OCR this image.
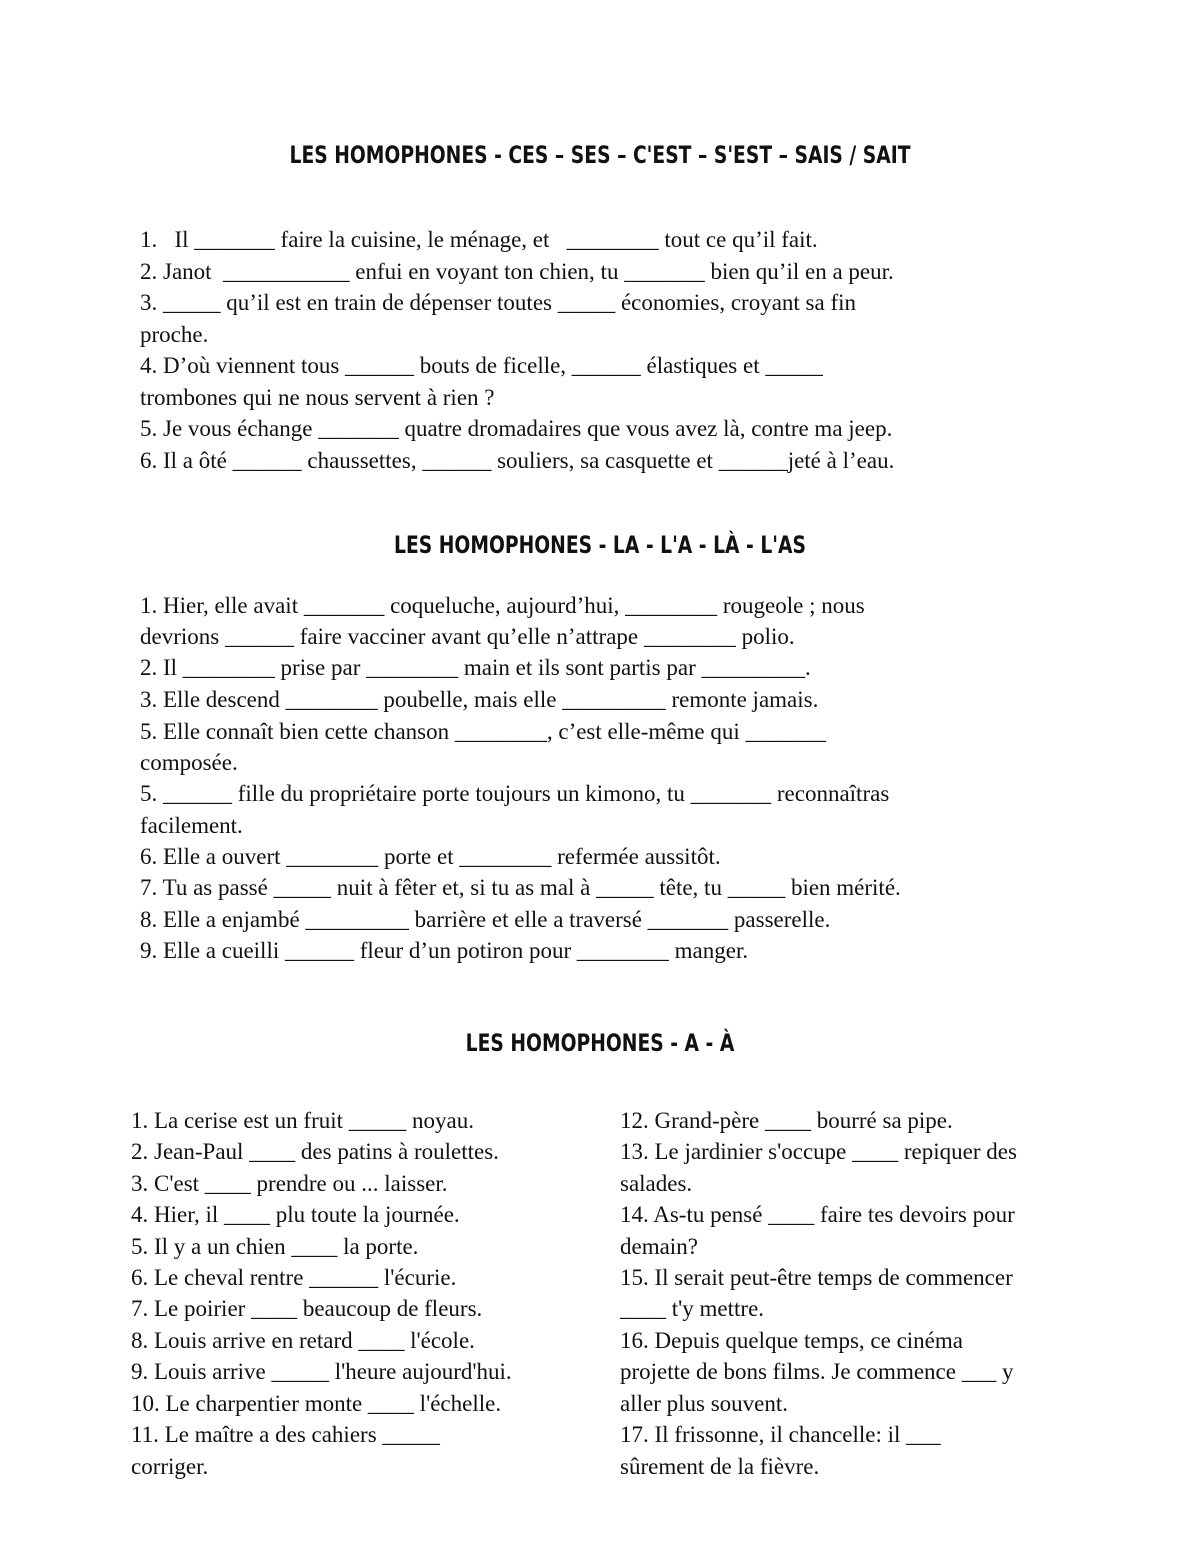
LES HOMOPHONES - CES – SES – C'EST – S'EST – SAIS / SAIT
1.   Il _______ faire la cuisine, le ménage, et   ________ tout ce qu’il fait.
2. Janot  ___________ enfui en voyant ton chien, tu _______ bien qu’il en a peur.
3. _____ qu’il est en train de dépenser toutes _____ économies, croyant sa fin
proche.
4. D’où viennent tous ______ bouts de ficelle, ______ élastiques et _____
trombones qui ne nous servent à rien ?
5. Je vous échange _______ quatre dromadaires que vous avez là, contre ma jeep.
6. Il a ôté ______ chaussettes, ______ souliers, sa casquette et ______jeté à l’eau.
LES HOMOPHONES - LA - L'A - LÀ - L'AS
1. Hier, elle avait _______ coqueluche, aujourd’hui, ________ rougeole ; nous
devrions ______ faire vacciner avant qu’elle n’attrape ________ polio.
2. Il ________ prise par ________ main et ils sont partis par _________.
3. Elle descend ________ poubelle, mais elle _________ remonte jamais.
5. Elle connaît bien cette chanson ________, c’est elle-même qui _______
composée.
5. ______ fille du propriétaire porte toujours un kimono, tu _______ reconnaîtras
facilement.
6. Elle a ouvert ________ porte et ________ refermée aussitôt.
7. Tu as passé _____ nuit à fêter et, si tu as mal à _____ tête, tu _____ bien mérité.
8. Elle a enjambé _________ barrière et elle a traversé _______ passerelle.
9. Elle a cueilli ______ fleur d’un potiron pour ________ manger.
LES HOMOPHONES - A - À
1. La cerise est un fruit _____ noyau.
2. Jean-Paul ____ des patins à roulettes.
3. C'est ____ prendre ou ... laisser.
4. Hier, il ____ plu toute la journée.
5. Il y a un chien ____ la porte.
6. Le cheval rentre ______ l'écurie.
7. Le poirier ____ beaucoup de fleurs.
8. Louis arrive en retard ____ l'école.
9. Louis arrive _____ l'heure aujourd'hui.
10. Le charpentier monte ____ l'échelle.
11. Le maître a des cahiers _____
corriger.
12. Grand-père ____ bourré sa pipe.
13. Le jardinier s'occupe ____ repiquer des
salades.
14. As-tu pensé ____ faire tes devoirs pour
demain?
15. Il serait peut-être temps de commencer
____ t'y mettre.
16. Depuis quelque temps, ce cinéma
projette de bons films. Je commence ___ y
aller plus souvent.
17. Il frissonne, il chancelle: il ___
sûrement de la fièvre.
